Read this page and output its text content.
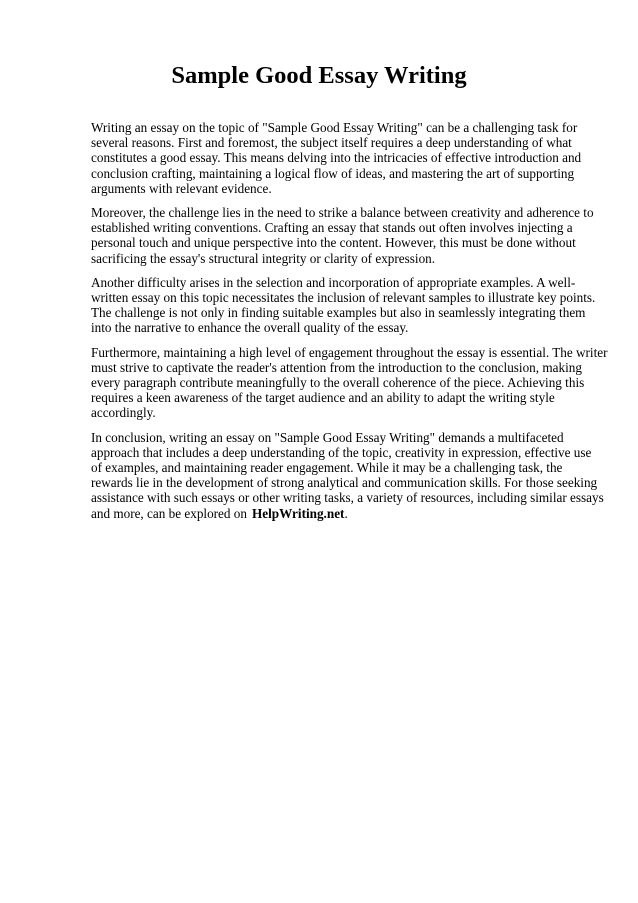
Sample Good Essay Writing

Writing an essay on the topic of "Sample Good Essay Writing" can be a challenging task for
several reasons. First and foremost, the subject itself requires a deep understanding of what
constitutes a good essay. This means delving into the intricacies of effective introduction and
conclusion crafting, maintaining a logical flow of ideas, and mastering the art of supporting
arguments with relevant evidence.

Moreover, the challenge lies in the need to strike a balance between creativity and adherence to
established writing conventions. Crafting an essay that stands out often involves injecting a
personal touch and unique perspective into the content. However, this must be done without
sacrificing the essay's structural integrity or clarity of expression.

Another difficulty arises in the selection and incorporation of appropriate examples. A well-
written essay on this topic necessitates the inclusion of relevant samples to illustrate key points.
The challenge is not only in finding suitable examples but also in seamlessly integrating them
into the narrative to enhance the overall quality of the essay.

Furthermore, maintaining a high level of engagement throughout the essay is essential. The writer
must strive to captivate the reader's attention from the introduction to the conclusion, making
every paragraph contribute meaningfully to the overall coherence of the piece. Achieving this
requires a keen awareness of the target audience and an ability to adapt the writing style
accordingly.

In conclusion, writing an essay on "Sample Good Essay Writing" demands a multifaceted
approach that includes a deep understanding of the topic, creativity in expression, effective use
of examples, and maintaining reader engagement. While it may be a challenging task, the
rewards lie in the development of strong analytical and communication skills. For those seeking
assistance with such essays or other writing tasks, a variety of resources, including similar essays
and more, can be explored on HelpWriting.net.
